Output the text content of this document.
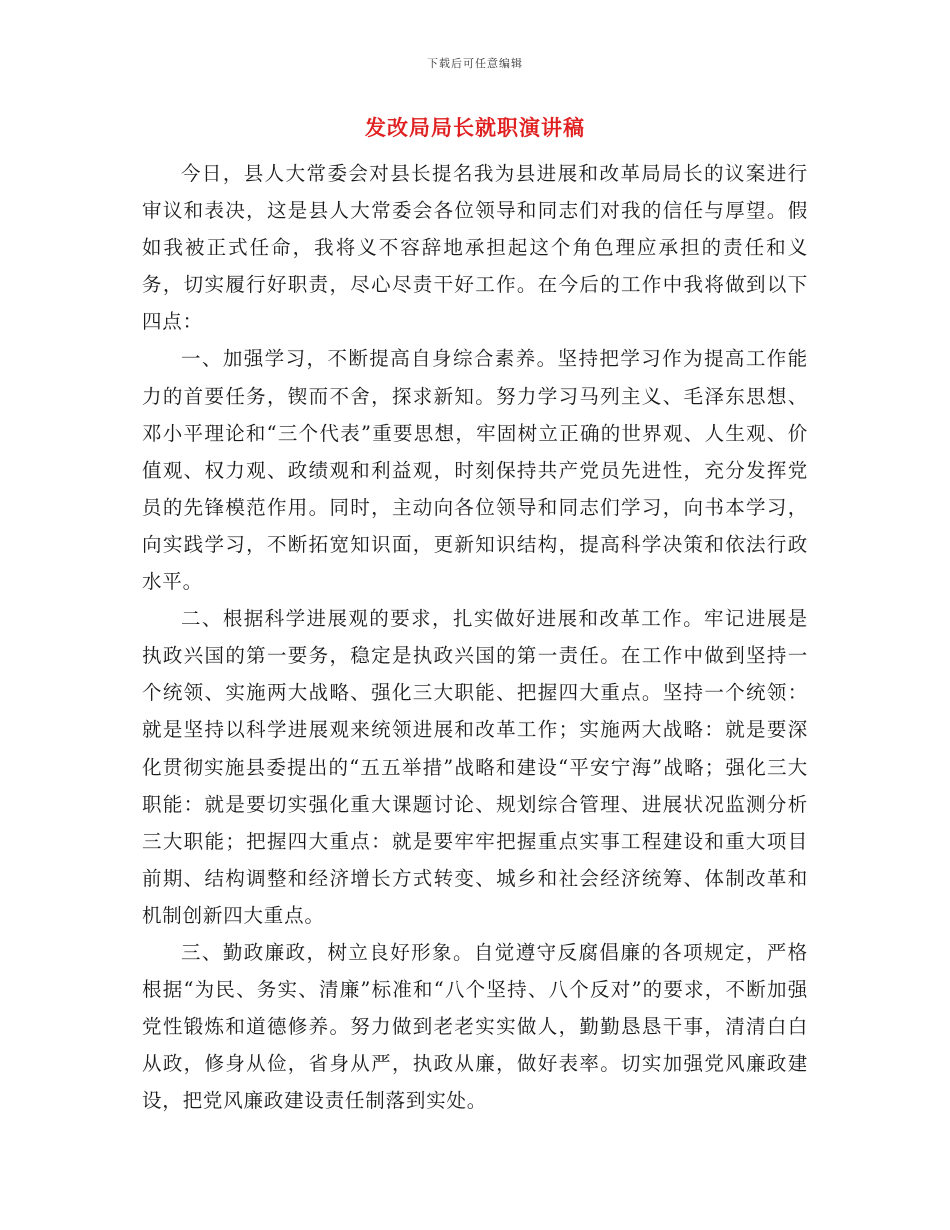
下载后可任意编辑
发改局局长就职演讲稿

今日，县人大常委会对县长提名我为县进展和改革局局长的议案进行审议和表决，这是县人大常委会各位领导和同志们对我的信任与厚望。假如我被正式任命，我将义不容辞地承担起这个角色理应承担的责任和义务，切实履行好职责，尽心尽责干好工作。在今后的工作中我将做到以下四点：

一、加强学习，不断提高自身综合素养。坚持把学习作为提高工作能力的首要任务，锲而不舍，探求新知。努力学习马列主义、毛泽东思想、邓小平理论和“三个代表”重要思想，牢固树立正确的世界观、人生观、价值观、权力观、政绩观和利益观，时刻保持共产党员先进性，充分发挥党员的先锋模范作用。同时，主动向各位领导和同志们学习，向书本学习，向实践学习，不断拓宽知识面，更新知识结构，提高科学决策和依法行政水平。

二、根据科学进展观的要求，扎实做好进展和改革工作。牢记进展是执政兴国的第一要务，稳定是执政兴国的第一责任。在工作中做到坚持一个统领、实施两大战略、强化三大职能、把握四大重点。坚持一个统领：就是坚持以科学进展观来统领进展和改革工作；实施两大战略：就是要深化贯彻实施县委提出的“五五举措”战略和建设“平安宁海”战略；强化三大职能：就是要切实强化重大课题讨论、规划综合管理、进展状况监测分析三大职能；把握四大重点：就是要牢牢把握重点实事工程建设和重大项目前期、结构调整和经济增长方式转变、城乡和社会经济统筹、体制改革和机制创新四大重点。

三、勤政廉政，树立良好形象。自觉遵守反腐倡廉的各项规定，严格根据“为民、务实、清廉”标准和“八个坚持、八个反对”的要求，不断加强党性锻炼和道德修养。努力做到老老实实做人，勤勤恳恳干事，清清白白从政，修身从俭，省身从严，执政从廉，做好表率。切实加强党风廉政建设，把党风廉政建设责任制落到实处。
